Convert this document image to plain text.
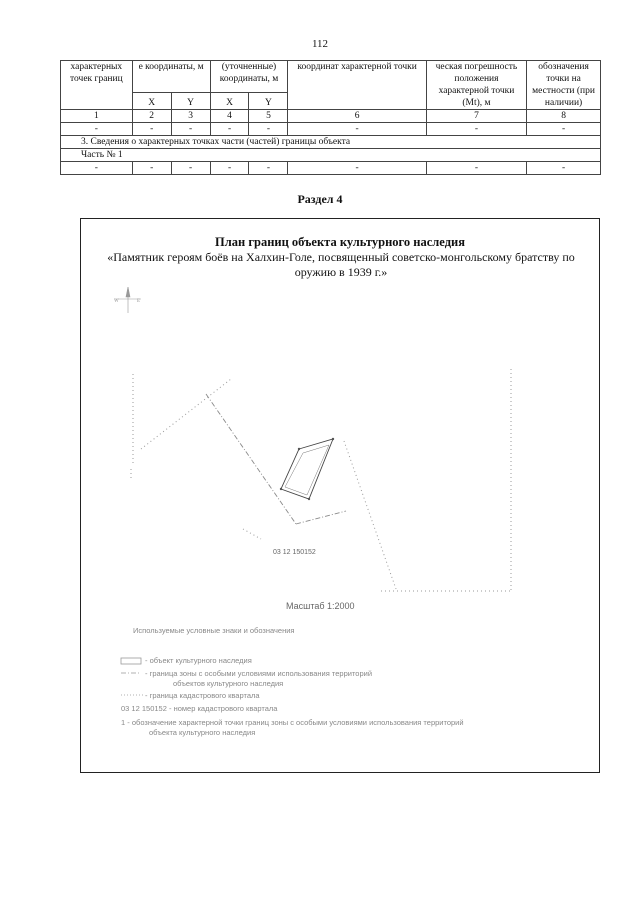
112
характерных точек границ	е координаты, м		(уточненные) координаты, м		координат характерной точки	ческая погрешность положения характерной точки (Mt), м	обозначения точки на местности (при наличии)
	X	Y	X	Y			
1	2	3	4	5	6	7	8
-	-	-	-	-	-	-	-
3. Сведения о характерных точках части (частей) границы объекта							
Часть № 1							
-	-	-	-	-	-	-	-
Раздел 4
План границ объекта культурного наследия
«Памятник героям боёв на Халхин-Голе, посвященный советско-монгольскому братству по оружию в 1939 г.»
W	E
03 12 150152
Масштаб 1:2000
Используемые условные знаки и обозначения
- объект культурного наследия
- граница зоны с особыми условиями использования территорий
объектов культурного наследия
- граница кадастрового квартала
03 12 150152 - номер кадастрового квартала
1 - обозначение характерной точки границ зоны с особыми условиями использования территорий
объекта культурного наследия
